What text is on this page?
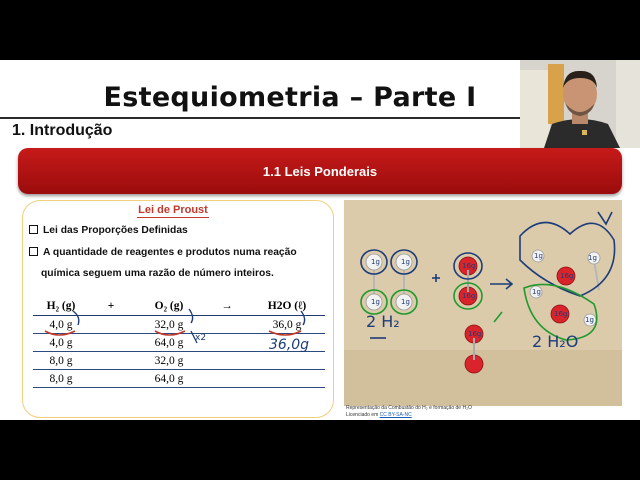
Estequiometria – Parte I
1. Introdução
1.1 Leis Ponderais
Lei de Proust
Lei das Proporções Definidas
A quantidade de reagentes e produtos numa reação
química seguem uma razão de número inteiros.
H₂ (g)	+	O₂ (g)	→	H2O (ℓ)
4,0 g		32,0 g		36,0 g
4,0 g		64,0 g		
8,0 g		32,0 g		
8,0 g		64,0 g		
x2	36,0g
2 H₂
2 H₂O
1g	1g
1g	1g
16g
16g
16g
16g
1g	1g
1g
16g
1g
Representação da Combustão do H₂ e formação de H₂O
Licenciado em CC BY-SA-NC
